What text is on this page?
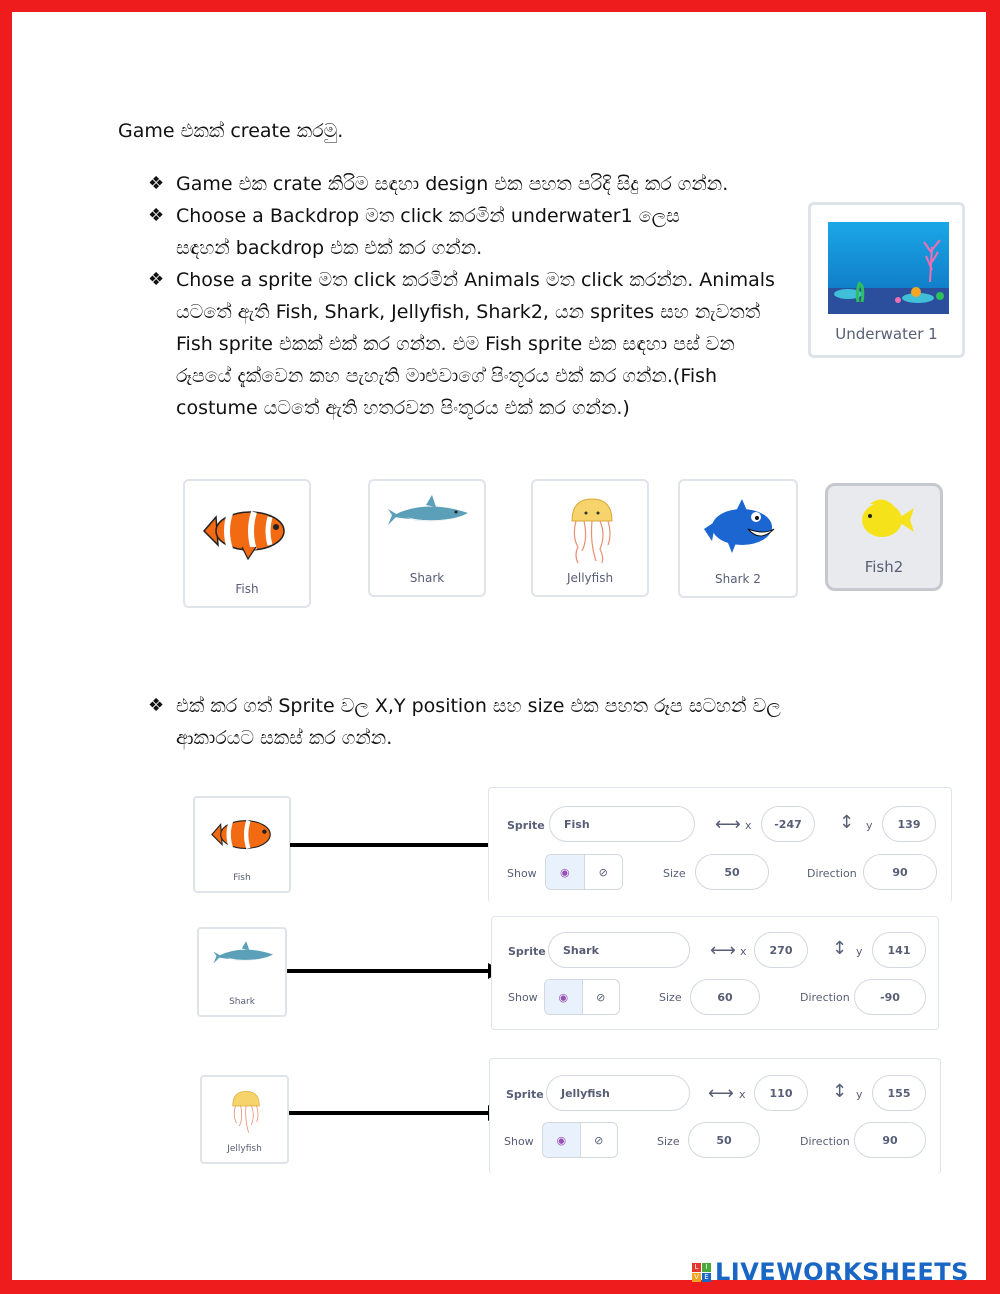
Game එකක් create කරමු.
❖ Game එක crate කිරිම සඳහා design එක පහත පරිදි සිදු කර ගන්න.
❖ Choose a Backdrop මත click කරමින් underwater1 ලෙස සඳහන් backdrop එක එක් කර ගන්න.
❖ Chose a sprite මත click කරමින් Animals මත click කරන්න. Animals යටතේ ඇති Fish, Shark, Jellyfish, Shark2, යන sprites සහ නැවතත් Fish sprite එකක් එක් කර ගන්න. එම Fish sprite එක සඳහා පස් වන රූපයේ දැක්වෙන කහ පැහැති මාළුවාගේ පිංතූරය එක් කර ගන්න.(Fish costume යටතේ ඇති හතරවන පිංතූරය එක් කර ගන්න.)
Underwater 1
Fish
Shark	Jellyfish	Shark 2
Fish2
❖ එක් කර ගත් Sprite වල X,Y position සහ size එක පහත රූප සටහන් වල ආකාරයට සකස් කර ගන්න.
Fish
Sprite	Fish	⟷ x	-247	↕ y	139
Show	◉	⊘	Size	50	Direction	90
Shark
Sprite	Shark	⟷ x	270	↕ y	141
Show	◉	⊘	Size	60	Direction	-90
Jellyfish
Sprite	Jellyfish	⟷ x	110	↕ y	155
Show	◉	⊘	Size	50	Direction	90
L	I
V E LIVEWORKSHEETS
